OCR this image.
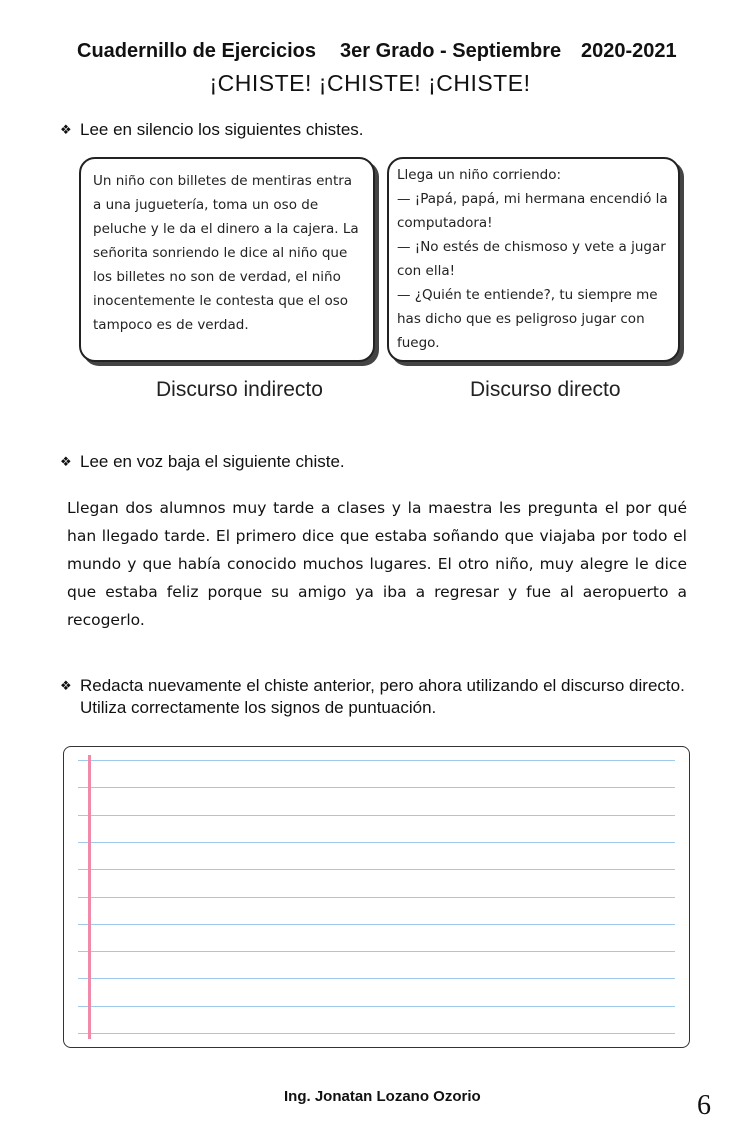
Cuadernillo de Ejercicios 3er Grado - Septiembre 2020-2021
¡CHISTE! ¡CHISTE! ¡CHISTE!
❖ Lee en silencio los siguientes chistes.
Un niño con billetes de mentiras entra a una juguetería, toma un oso de peluche y le da el dinero a la cajera. La señorita sonriendo le dice al niño que los billetes no son de verdad, el niño inocentemente le contesta que el oso tampoco es de verdad.
Llega un niño corriendo:
— ¡Papá, papá, mi hermana encendió la computadora!
— ¡No estés de chismoso y vete a jugar con ella!
— ¿Quién te entiende?, tu siempre me has dicho que es peligroso jugar con fuego.
Discurso indirecto	Discurso directo
❖ Lee en voz baja el siguiente chiste.
Llegan dos alumnos muy tarde a clases y la maestra les pregunta el por qué han llegado tarde. El primero dice que estaba soñando que viajaba por todo el mundo y que había conocido muchos lugares. El otro niño, muy alegre le dice que estaba feliz porque su amigo ya iba a regresar y fue al aeropuerto a recogerlo.
❖ Redacta nuevamente el chiste anterior, pero ahora utilizando el discurso directo.
Utiliza correctamente los signos de puntuación.
Ing. Jonatan Lozano Ozorio	6
